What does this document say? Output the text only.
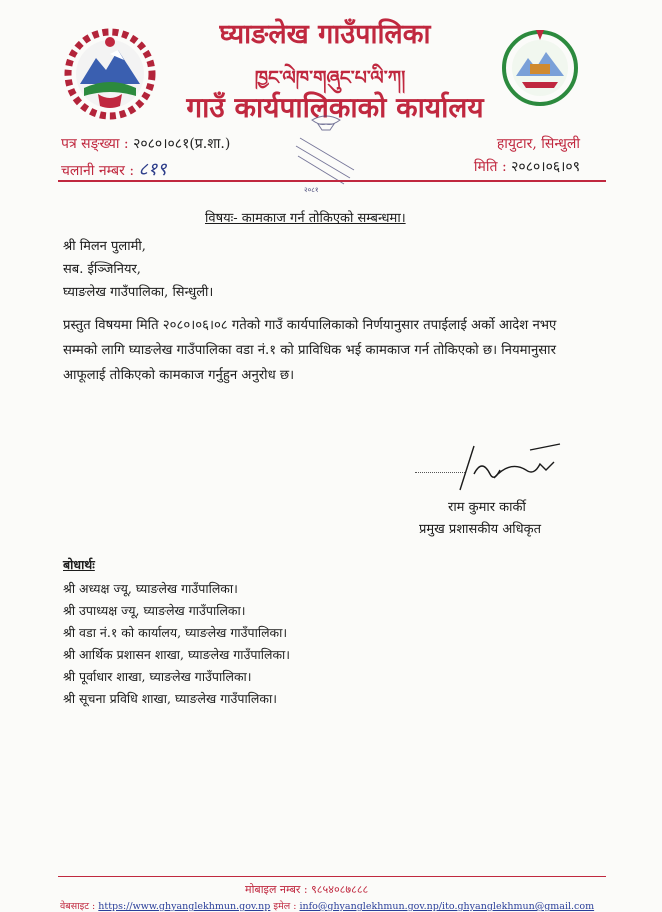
घ्याङलेख गाउँपालिका
ཁྱང་ལེཁ་གཞུང་པ་ལི་ཀ།
गाउँ कार्यपालिकाको कार्यालय
२०८१
पत्र सङ्ख्या : २०८०।०८१(प्र.शा.)
चलानी नम्बर : ८१९
हायुटार, सिन्धुली
मिति : २०८०।०६।०९
विषयः- कामकाज गर्न तोकिएको सम्बन्धमा।
श्री मिलन पुलामी,
सब. ईञ्जिनियर,
घ्याङलेख गाउँपालिका, सिन्धुली।
प्रस्तुत विषयमा मिति २०८०।०६।०८ गतेको गाउँ कार्यपालिकाको निर्णयानुसार तपाईलाई अर्को आदेश नभए सम्मको लागि घ्याङलेख गाउँपालिका वडा नं.१ को प्राविधिक भई कामकाज गर्न तोकिएको छ। नियमानुसार आफूलाई तोकिएको कामकाज गर्नुहुन अनुरोध छ।
राम कुमार कार्की
प्रमुख प्रशासकीय अधिकृत
बोधार्थः
श्री अध्यक्ष ज्यू, घ्याङलेख गाउँपालिका।
श्री उपाध्यक्ष ज्यू, घ्याङलेख गाउँपालिका।
श्री वडा नं.१ को कार्यालय, घ्याङलेख गाउँपालिका।
श्री आर्थिक प्रशासन शाखा, घ्याङलेख गाउँपालिका।
श्री पूर्वाधार शाखा, घ्याङलेख गाउँपालिका।
श्री सूचना प्रविधि शाखा, घ्याङलेख गाउँपालिका।
मोबाइल नम्बर : ९८५४०८७८८८
वेबसाइट : https://www.ghyanglekhmun.gov.np इमेल : info@ghyanglekhmun.gov.np/ito.ghyanglekhmun@gmail.com
